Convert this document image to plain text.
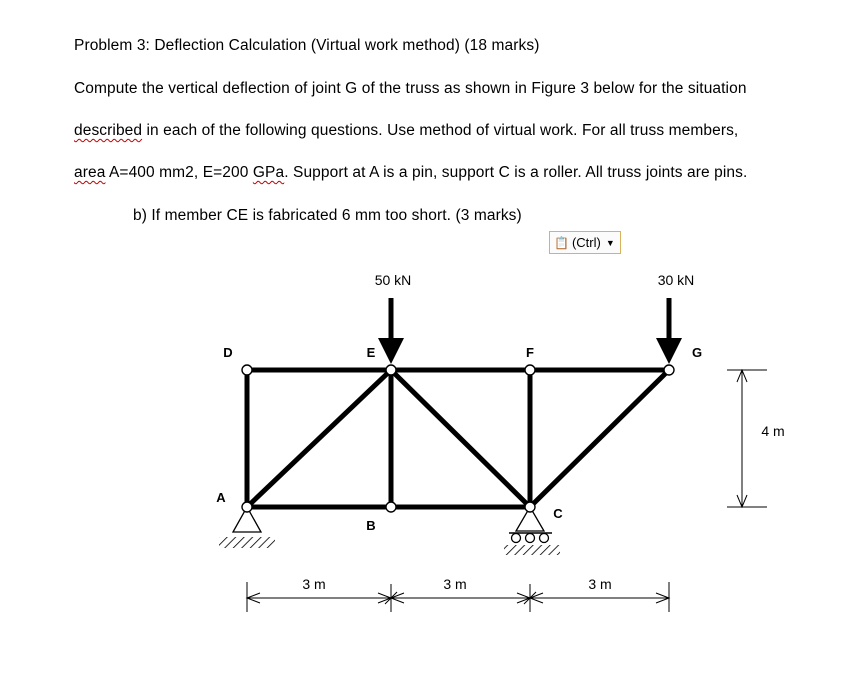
Problem 3: Deflection Calculation (Virtual work method) (18 marks)
Compute the vertical deflection of joint G of the truss as shown in Figure 3 below for the situation
described in each of the following questions. Use method of virtual work. For all truss members,
area A=400 mm2, E=200 GPa. Support at A is a pin, support C is a roller. All truss joints are pins.
b) If member CE is fabricated 6 mm too short. (3 marks)
📋 (Ctrl) ▼
50 kN	30 kN
D	E	F	G
A
B
C
3 m	3 m	3 m
4 m
